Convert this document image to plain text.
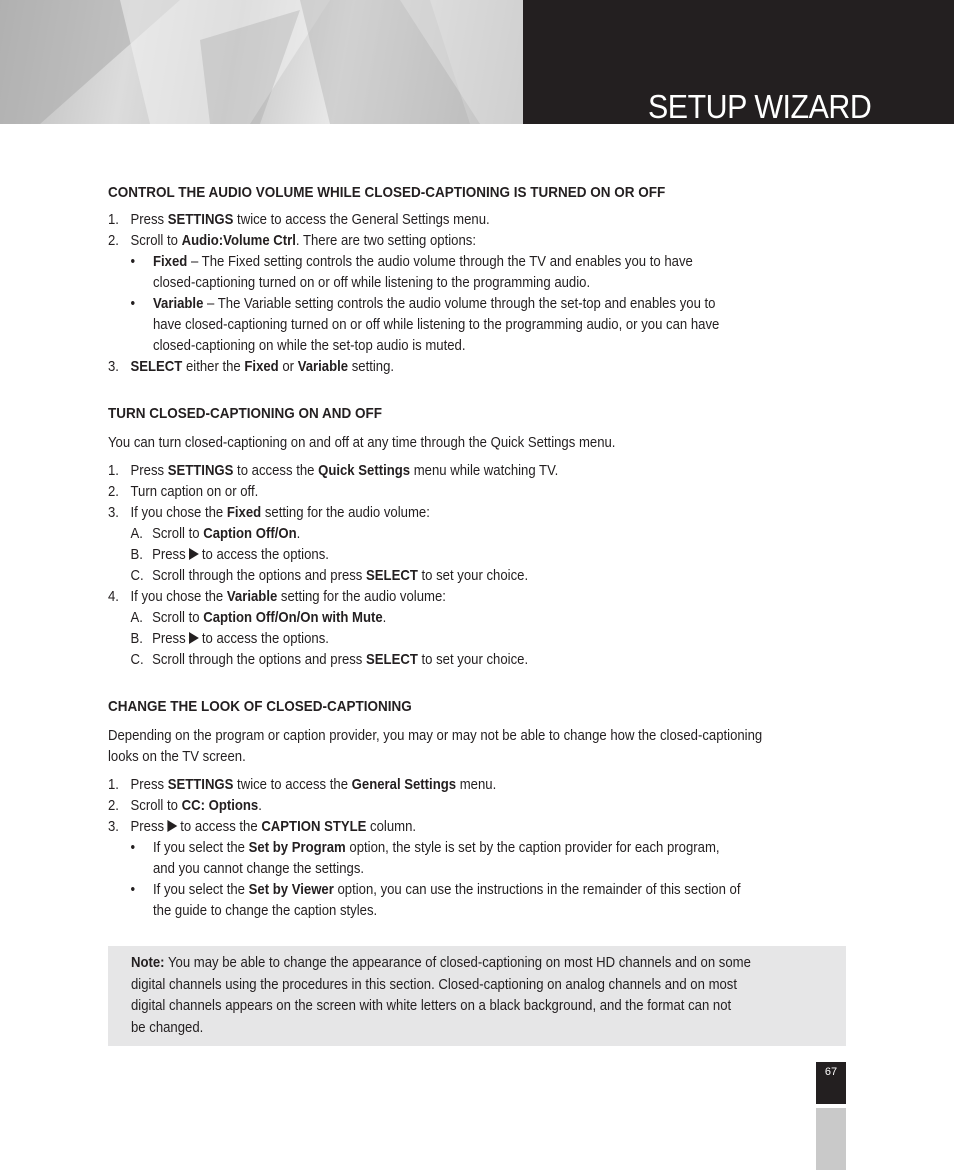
SETUP WIZARD
CONTROL THE AUDIO VOLUME WHILE CLOSED-CAPTIONING IS TURNED ON OR OFF
1. Press SETTINGS twice to access the General Settings menu.
2. Scroll to Audio:Volume Ctrl. There are two setting options:
• Fixed – The Fixed setting controls the audio volume through the TV and enables you to have
closed-captioning turned on or off while listening to the programming audio.
• Variable – The Variable setting controls the audio volume through the set-top and enables you to
have closed-captioning turned on or off while listening to the programming audio, or you can have
closed-captioning on while the set-top audio is muted.
3. SELECT either the Fixed or Variable setting.
TURN CLOSED-CAPTIONING ON AND OFF

You can turn closed-captioning on and off at any time through the Quick Settings menu.

1. Press SETTINGS to access the Quick Settings menu while watching TV.
2. Turn caption on or off.
3. If you chose the Fixed setting for the audio volume:
A. Scroll to Caption Off/On.
B. Press to access the options.
C. Scroll through the options and press SELECT to set your choice.
4. If you chose the Variable setting for the audio volume:
A. Scroll to Caption Off/On/On with Mute.
B. Press to access the options.
C. Scroll through the options and press SELECT to set your choice.
CHANGE THE LOOK OF CLOSED-CAPTIONING

Depending on the program or caption provider, you may or may not be able to change how the closed-captioning
looks on the TV screen.

1. Press SETTINGS twice to access the General Settings menu.
2. Scroll to CC: Options.
3. Press to access the CAPTION STYLE column.
• If you select the Set by Program option, the style is set by the caption provider for each program,
and you cannot change the settings.
• If you select the Set by Viewer option, you can use the instructions in the remainder of this section of
the guide to change the caption styles.
Note: You may be able to change the appearance of closed-captioning on most HD channels and on some
digital channels using the procedures in this section. Closed-captioning on analog channels and on most
digital channels appears on the screen with white letters on a black background, and the format can not
be changed.
67
